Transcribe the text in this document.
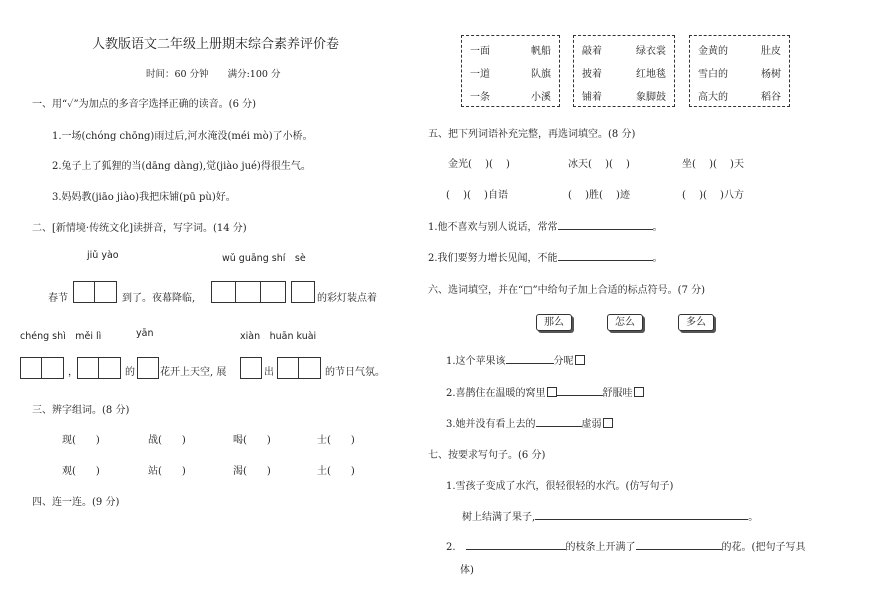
人教版语文二年级上册期末综合素养评价卷
时间：60 分钟　　满分:100 分
一、用“✓”为加点的多音字选择正确的读音。(6 分)
1.一场(chóng chōng)雨过后,河水淹没(méi mò)了小桥。
2.兔子上了狐狸的当(dāng dàng),觉(jiào jué)得很生气。
3.妈妈教(jiāo jiào)我把床铺(pū pù)好。
二、[新情境·传统文化]读拼音，写字词。(14 分)
jiǔ yào	wǔ guāng shí　sè
春节	到了。夜幕降临,	的彩灯装点着
chéng shì　měi lì	yān	xiàn　huān kuài
，	的	花开上天空, 展	出	的节日气氛。
三、辨字组词。(8 分)
现(　　)	战(　　)	喝(　　)	士(　　)
观(　　)	站(　　)	渴(　　)	土(　　)
四、连一连。(9 分)
一面	帆船
一道	队旗
一条	小溪
敲着	绿衣裳
披着	红地毯
铺着	象脚鼓
金黄的	肚皮
雪白的	杨树
高大的	稻谷
五、把下列词语补充完整，再选词填空。(8 分)
金光(　 )(　 )	冰天(　 )(　 )	坐(　 )(　 )天
(　 )(　 )自语	(　 )胜(　 )迹	(　 )(　 )八方
1.他不喜欢与别人说话，常常	。
2.我们要努力增长见闻，不能	。
六、选词填空，并在“□”中给句子加上合适的标点符号。(7 分)
那么	怎么	多么
1.这个苹果该	分呢
2.喜鹊住在温暖的窝里	舒服哇
3.她并没有看上去的	虚弱
七、按要求写句子。(6 分)
1.雪孩子变成了水汽，很轻很轻的水汽。(仿写句子)
树上结满了果子,	。
2.　	的枝条上开满了	的花。(把句子写具
体)
